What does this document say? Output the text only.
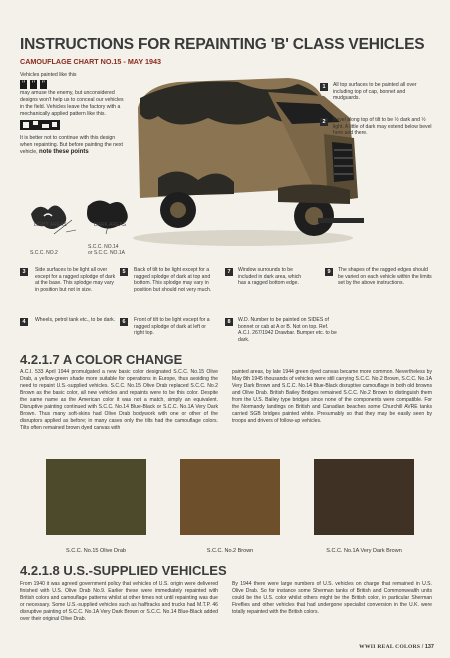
INSTRUCTIONS FOR REPAINTING 'B' CLASS VEHICLES
CAMOUFLAGE CHART NO.15 - MAY 1943

Vehicles painted like this

‘’ ‘’ ‘’

may amuse the enemy, but unconsidered designs won't help us to conceal our vehicles in the field. Vehicles leave the factory with a mechanically applied pattern like this.

It is better not to continue with this design when repainting. But before painting the next vehicle, note these points

LIGHT AREAS	DARK AREAS
S.C.C. NO.2
S.C.C. NO.14
or S.C.C. NO.1A
1	All top surfaces to be painted all over including top of cap, bonnet and mudguards.
2	Bevel along top of tilt to be ½ dark and ½ light. A little of dark may extend below bevel here and there.
3	Side surfaces to be light all over except for a ragged splodge of dark at the base. This splodge may vary in position but not in size.
4	Wheels, petrol tank etc., to be dark.
5	Back of tilt to be light except for a ragged splodge of dark at top and bottom. This splodge may vary in position but should not very much.
6	Front of tilt to be light except for a ragged splodge of dark at left or right top.
7	Window surrounds to be included in dark area, which has a ragged bottom edge.
8	W.D. Number to be painted on SIDES of bonnet or cab at A or B. Not on top. Ref. A.C.I. 267/1942 Drawbar. Bumper etc. to be dark.
9	The shapes of the ragged edges should be varied on each vehicle within the limits set by the above instructions.
4.2.1.7 A COLOR CHANGE
A.C.I. 533 April 1944 promulgated a new basic color designated S.C.C. No.15 Olive Drab, a yellow-green shade more suitable for operations in Europe, thus avoiding the need to repaint U.S.-supplied vehicles. S.C.C. No.15 Olive Drab replaced S.C.C. No.2 Brown as the basic color, all new vehicles and repaints were to be this color. Despite the same name as the American color it was not a match, simply an equivalent. Disruptive painting continued with S.C.C. No.14 Blue-Black or S.C.C. No.1A Very Dark Brown. Thus many soft-skins had Olive Drab bodywork with one or other of the disruptors applied as before; in many cases only the tilts had the camouflage colors. Tilts often remained brown dyed canvas with
painted areas, by late 1944 green dyed canvas became more common. Nevertheless by May 8th 1945 thousands of vehicles were still carrying S.C.C. No.2 Brown, S.C.C. No.1A Very Dark Brown and S.C.C. No.14 Blue-Black disruptive camouflage in both old browns and Olive Drab. British Bailey Bridges remained S.C.C. No.2 Brown to distinguish them from the U.S. Bailey type bridges since none of the components were compatible. For the Normandy landings on British and Canadian beaches some Churchill AVRE tanks carried SGB bridges painted white. Presumably so that they may be easily seen by troops and drivers of follow-up vehicles.
S.C.C. No.15 Olive Drab	S.C.C. No.2 Brown	S.C.C. No.1A Very Dark Brown
4.2.1.8 U.S.-SUPPLIED VEHICLES
From 1940 it was agreed government policy that vehicles of U.S. origin were delivered finished with U.S. Olive Drab No.9. Earlier these were immediately repainted with British colors and camouflage patterns whilst at other times not until repainting was due or necessary. Some U.S.-supplied vehicles such as halftracks and trucks had M.T.P. 46 disruptive painting of S.C.C. No.1A Very Dark Brown or S.C.C. No.14 Blue-Black added over their original Olive Drab.
By 1944 there were large numbers of U.S. vehicles on charge that remained in U.S. Olive Drab. So for instance some Sherman tanks of British and Commonwealth units could be the U.S. color whilst others might be the British color, in particular Sherman Fireflies and other vehicles that had undergone specialist conversion in the U.K. were totally repainted with the British colors.
WWII REAL COLORS / 137
